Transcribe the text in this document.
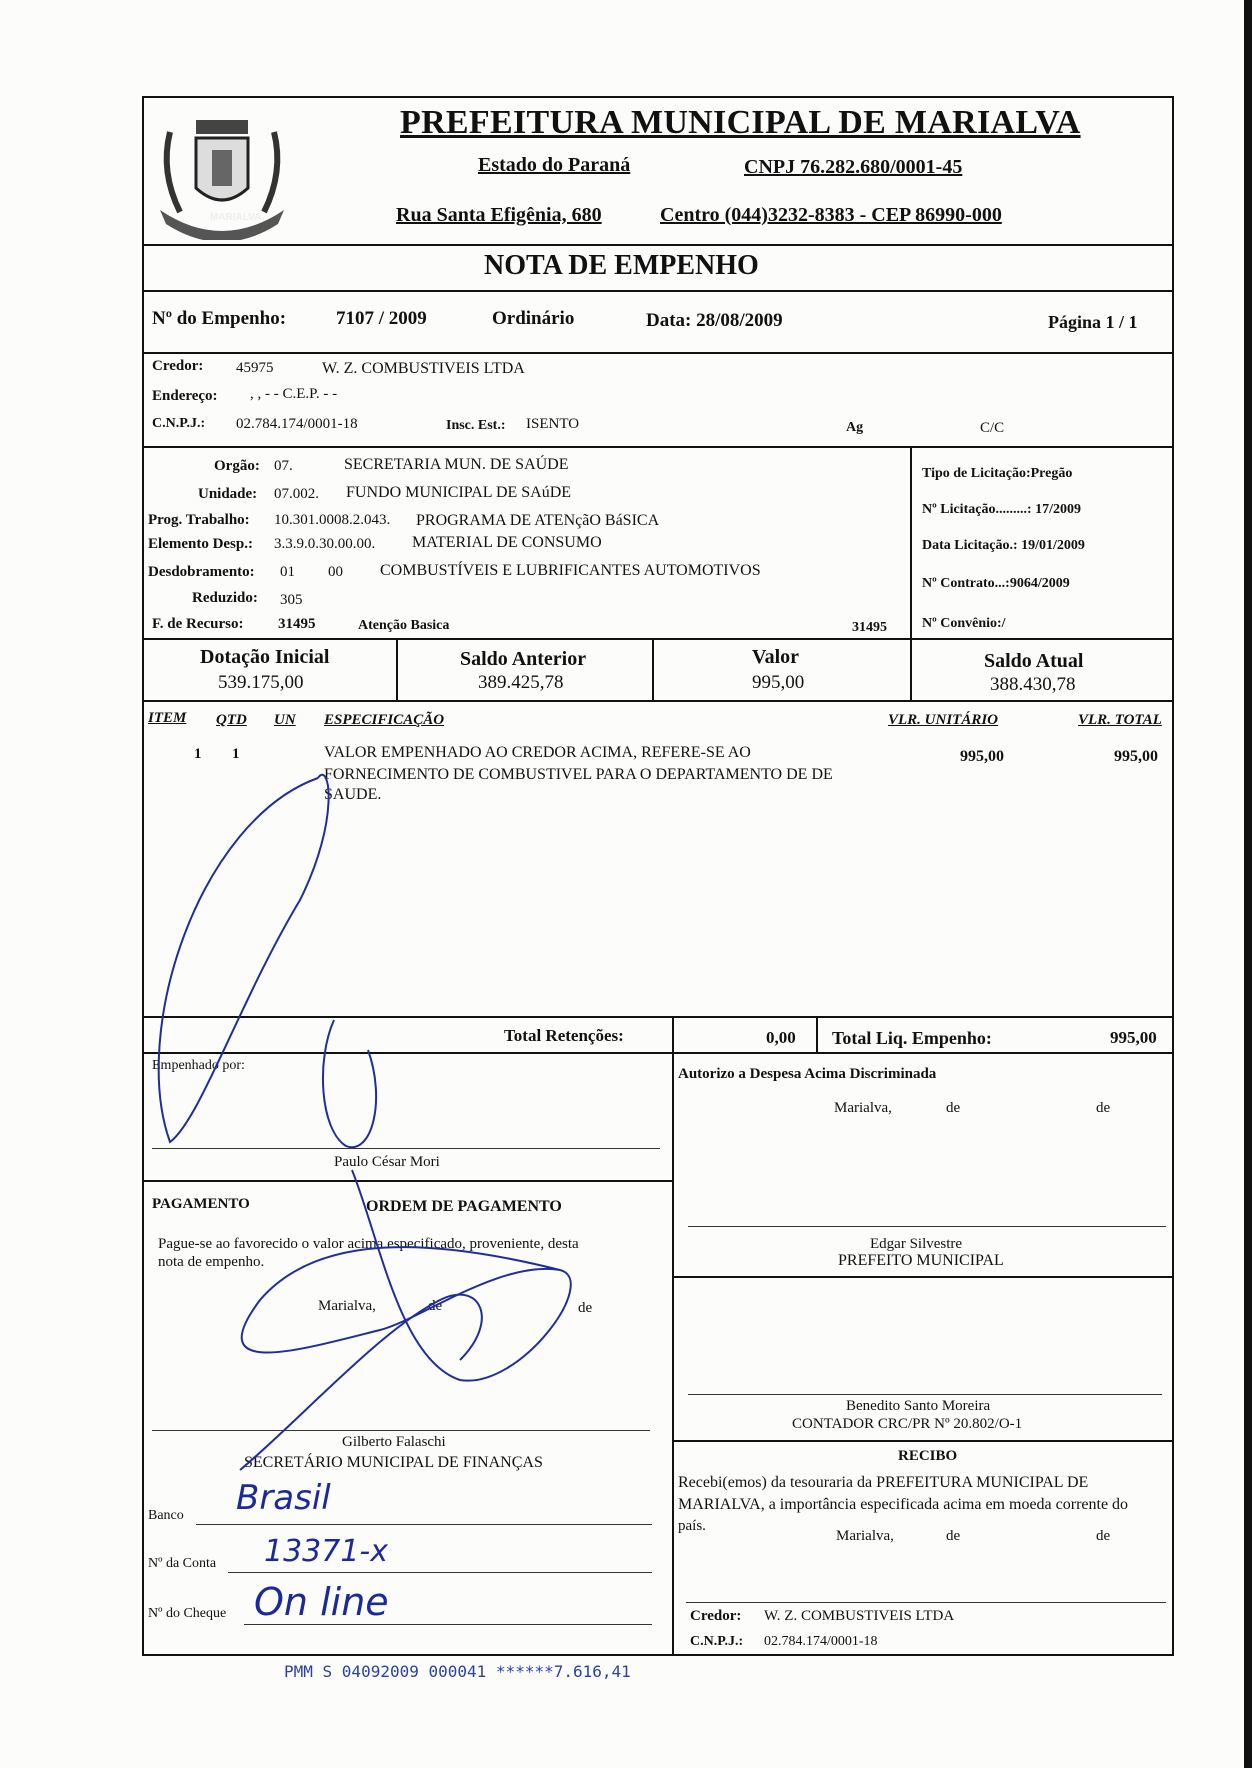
MARIALVA
PREFEITURA MUNICIPAL DE MARIALVA
Estado do Paraná	CNPJ 76.282.680/0001-45
Rua Santa Efigênia, 680	Centro (044)3232-8383 - CEP 86990-000
NOTA DE EMPENHO
Nº do Empenho:	7107 / 2009	Ordinário	Data: 28/08/2009	Página 1 / 1
Credor: 45975	W. Z. COMBUSTIVEIS LTDA
Endereço: , , - - C.E.P. - -
C.N.P.J.: 02.784.174/0001-18	Insc. Est.: ISENTO	Ag	C/C
Orgão: 07.	SECRETARIA MUN. DE SAÚDE
Unidade: 07.002. FUNDO MUNICIPAL DE SAúDE
Prog. Trabalho: 10.301.0008.2.043. PROGRAMA DE ATENçãO BáSICA
Elemento Desp.: 3.3.9.0.30.00.00. MATERIAL DE CONSUMO
Desdobramento: 01 00 COMBUSTÍVEIS E LUBRIFICANTES AUTOMOTIVOS
Reduzido: 305
F. de Recurso: 31495	Atenção Basica	31495
Tipo de Licitação:Pregão
Nº Licitação.........: 17/2009
Data Licitação.: 19/01/2009
Nº Contrato...:9064/2009
Nº Convênio:/
Dotação Inicial
539.175,00
Saldo Anterior
389.425,78
Valor
995,00
Saldo Atual
388.430,78
ITEM QTD UN ESPECIFICAÇÃO	VLR. UNITÁRIO	VLR. TOTAL
1 1	VALOR EMPENHADO AO CREDOR ACIMA, REFERE-SE AO
FORNECIMENTO DE COMBUSTIVEL PARA O DEPARTAMENTO DE DE
SAUDE.
995,00	995,00
Total Retenções:	0,00 Total Liq. Empenho:	995,00
Empenhado por:
Paulo César Mori
PAGAMENTO	ORDEM DE PAGAMENTO
Pague-se ao favorecido o valor acima especificado, proveniente, desta
nota de empenho.
Marialva,	de	de
Gilberto Falaschi
SECRETÁRIO MUNICIPAL DE FINANÇAS
Banco Brasil
Nº da Conta 13371-x
Nº do Cheque On line
Autorizo a Despesa Acima Discriminada
Marialva,	de	de
Edgar Silvestre
PREFEITO MUNICIPAL
Benedito Santo Moreira
CONTADOR CRC/PR Nº 20.802/O-1
RECIBO
Recebi(emos) da tesouraria da PREFEITURA MUNICIPAL DE
MARIALVA, a importância especificada acima em moeda corrente do
país.
Marialva,	de	de
Credor: W. Z. COMBUSTIVEIS LTDA
C.N.P.J.: 02.784.174/0001-18
PMM S 04092009 000041 ******7.616,41
